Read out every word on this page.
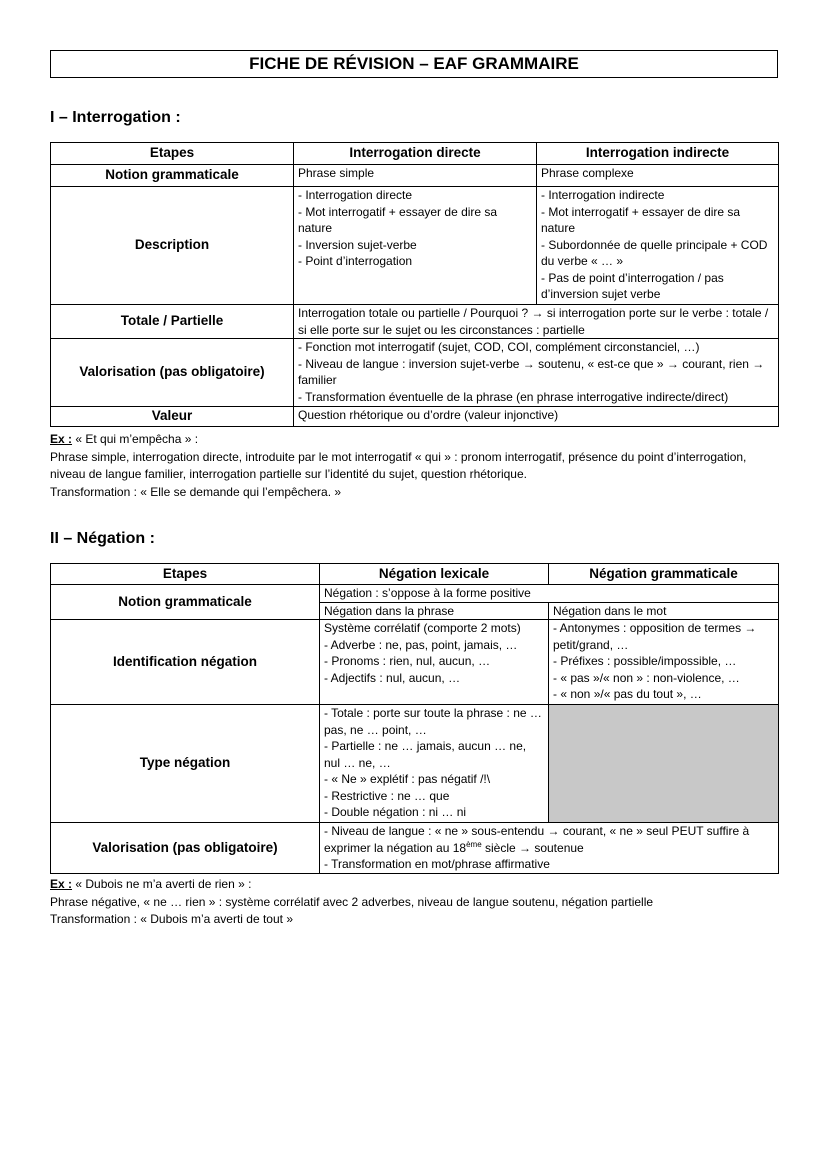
FICHE DE RÉVISION – EAF GRAMMAIRE
I – Interrogation :
Etapes	Interrogation directe	Interrogation indirecte
Notion grammaticale	Phrase simple	Phrase complexe
Description	- Interrogation directe
- Mot interrogatif + essayer de dire sa nature
- Inversion sujet-verbe
- Point d’interrogation	- Interrogation indirecte
- Mot interrogatif + essayer de dire sa nature
- Subordonnée de quelle principale + COD du verbe « … »
- Pas de point d’interrogation / pas d’inversion sujet verbe

Totale / Partielle	Interrogation totale ou partielle / Pourquoi ? → si interrogation porte sur le verbe : totale / si elle porte sur le sujet ou les circonstances : partielle	
Valorisation (pas obligatoire)	- Fonction mot interrogatif (sujet, COD, COI, complément circonstanciel, …)
- Niveau de langue : inversion sujet-verbe → soutenu, « est-ce que » → courant, rien → familier
- Transformation éventuelle de la phrase (en phrase interrogative indirecte/direct)	

Valeur	Question rhétorique ou d’ordre (valeur injonctive)	
Ex : « Et qui m’empêcha » :
Phrase simple, interrogation directe, introduite par le mot interrogatif « qui » : pronom interrogatif, présence du point d’interrogation, niveau de langue familier, interrogation partielle sur l’identité du sujet, question rhétorique.
Transformation : « Elle se demande qui l’empêchera. »
II – Négation :
Etapes	Négation lexicale	Négation grammaticale
Notion grammaticale	Négation : s’oppose à la forme positive	
	Négation dans la phrase	Négation dans le mot
Identification négation	Système corrélatif (comporte 2 mots)
- Adverbe : ne, pas, point, jamais, …
- Pronoms : rien, nul, aucun, …
- Adjectifs : nul, aucun, …	- Antonymes : opposition de termes → petit/grand, …
- Préfixes : possible/impossible, …
- « pas »/« non » : non-violence, …
- « non »/« pas du tout », …

Type négation	- Totale : porte sur toute la phrase : ne … pas, ne … point, …
- Partielle : ne … jamais, aucun … ne, nul … ne, …
- « Ne » explétif : pas négatif /!\
- Restrictive : ne … que
- Double négation : ni … ni	

Valorisation (pas obligatoire)	- Niveau de langue : « ne » sous-entendu → courant, « ne » seul PEUT suffire à exprimer la négation au 18ème siècle → soutenue
- Transformation en mot/phrase affirmative	
Ex : « Dubois ne m’a averti de rien » :
Phrase négative, « ne … rien » : système corrélatif avec 2 adverbes, niveau de langue soutenu, négation partielle
Transformation : « Dubois m’a averti de tout »
